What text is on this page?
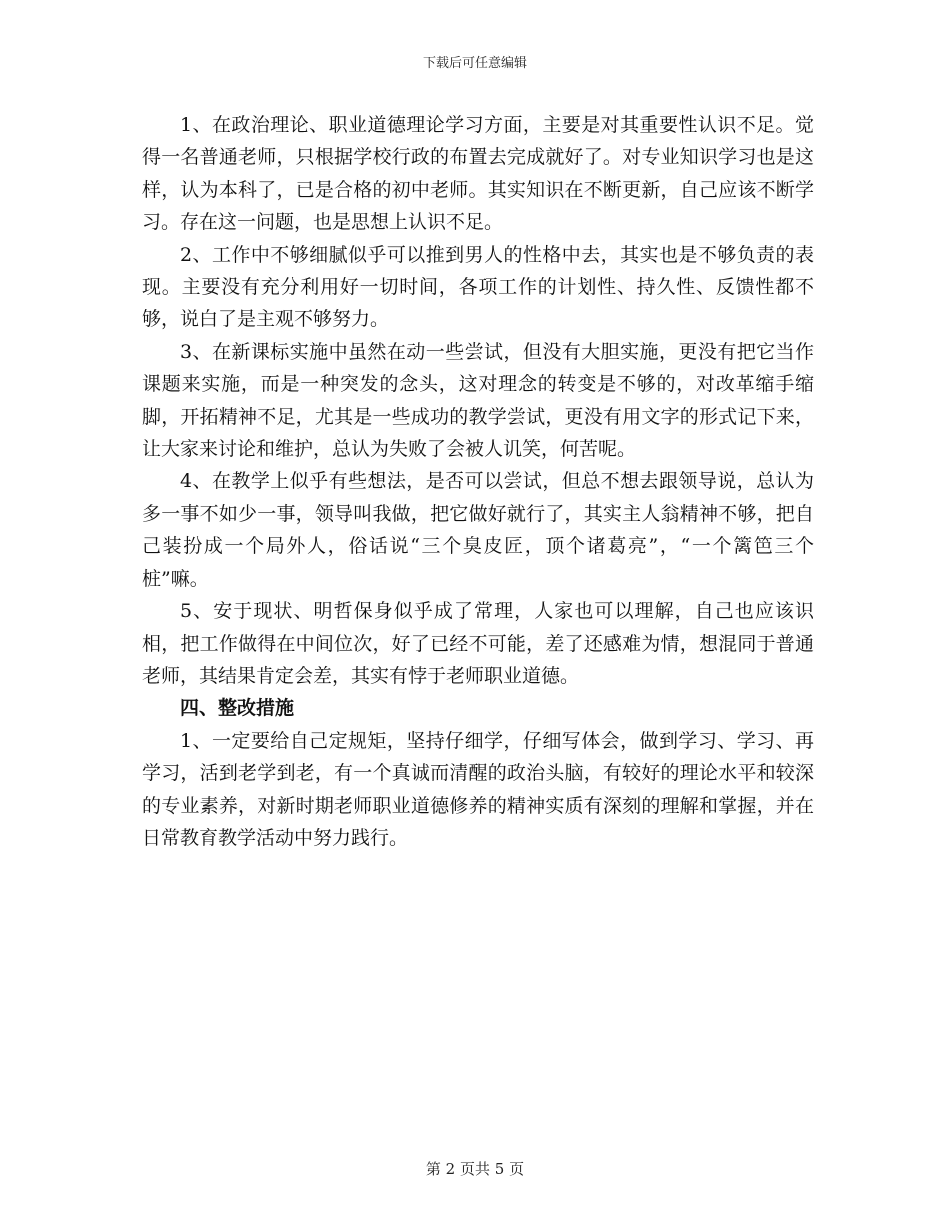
下载后可任意编辑

1、在政治理论、职业道德理论学习方面，主要是对其重要性认识不足。觉得一名普通老师，只根据学校行政的布置去完成就好了。对专业知识学习也是这样，认为本科了，已是合格的初中老师。其实知识在不断更新，自己应该不断学习。存在这一问题，也是思想上认识不足。

2、工作中不够细腻似乎可以推到男人的性格中去，其实也是不够负责的表现。主要没有充分利用好一切时间，各项工作的计划性、持久性、反馈性都不够，说白了是主观不够努力。

3、在新课标实施中虽然在动一些尝试，但没有大胆实施，更没有把它当作课题来实施，而是一种突发的念头，这对理念的转变是不够的，对改革缩手缩脚，开拓精神不足，尤其是一些成功的教学尝试，更没有用文字的形式记下来，让大家来讨论和维护，总认为失败了会被人讥笑，何苦呢。

4、在教学上似乎有些想法，是否可以尝试，但总不想去跟领导说，总认为多一事不如少一事，领导叫我做，把它做好就行了，其实主人翁精神不够，把自己装扮成一个局外人，俗话说“三个臭皮匠，顶个诸葛亮”，“一个篱笆三个桩”嘛。

5、安于现状、明哲保身似乎成了常理，人家也可以理解，自己也应该识相，把工作做得在中间位次，好了已经不可能，差了还感难为情，想混同于普通老师，其结果肯定会差，其实有悖于老师职业道德。

四、整改措施

1、一定要给自己定规矩，坚持仔细学，仔细写体会，做到学习、学习、再学习，活到老学到老，有一个真诚而清醒的政治头脑，有较好的理论水平和较深的专业素养，对新时期老师职业道德修养的精神实质有深刻的理解和掌握，并在日常教育教学活动中努力践行。

第 2 页共 5 页
